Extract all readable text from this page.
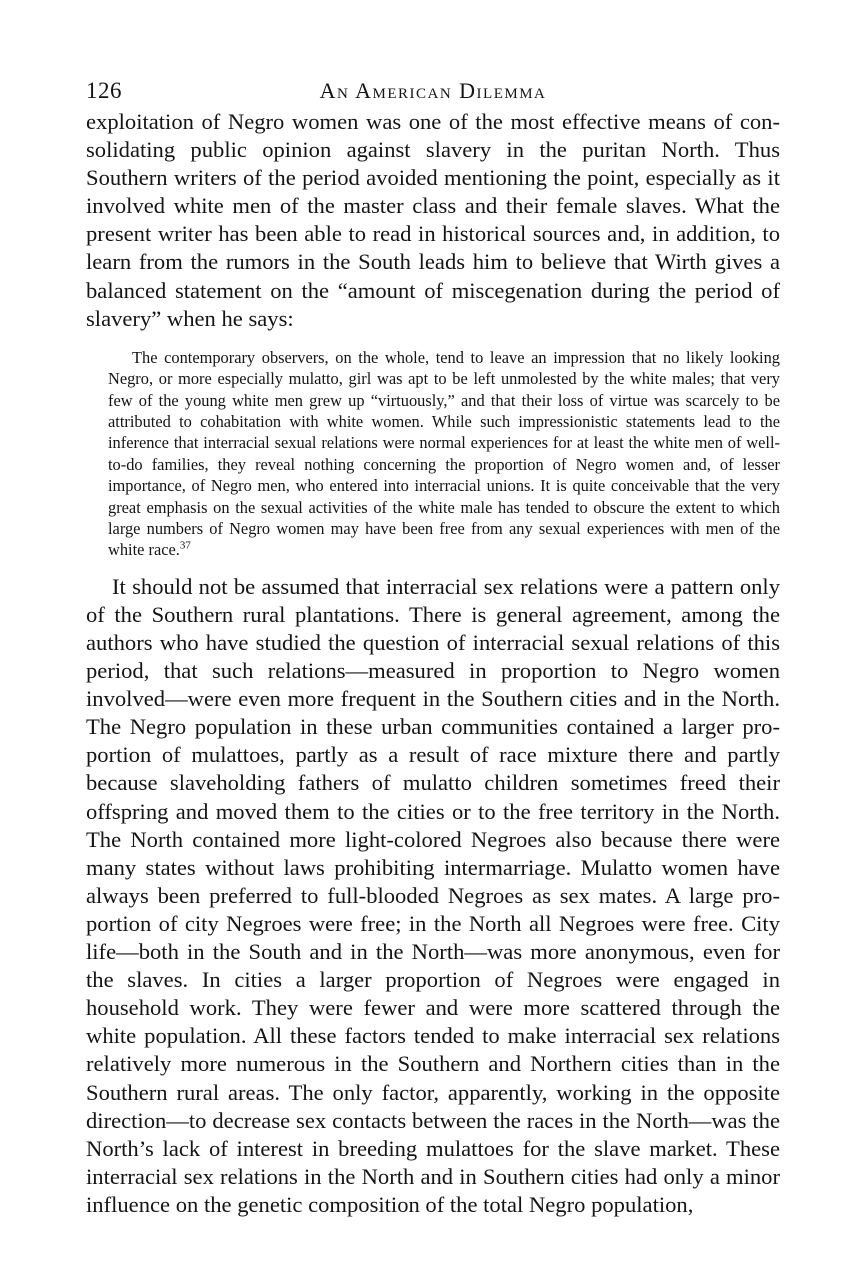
126	An American Dilemma

exploitation of Negro women was one of the most effective means of consolidating public opinion against slavery in the puritan North. Thus Southern writers of the period avoided mentioning the point, especially as it involved white men of the master class and their female slaves. What the present writer has been able to read in historical sources and, in addition, to learn from the rumors in the South leads him to believe that Wirth gives a balanced statement on the “amount of miscegenation during the period of slavery” when he says:

The contemporary observers, on the whole, tend to leave an impression that no likely looking Negro, or more especially mulatto, girl was apt to be left unmolested by the white males; that very few of the young white men grew up “virtuously,” and that their loss of virtue was scarcely to be attributed to cohabitation with white women. While such impressionistic statements lead to the inference that interracial sexual relations were normal experiences for at least the white men of well-to-do families, they reveal nothing concerning the proportion of Negro women and, of lesser importance, of Negro men, who entered into interracial unions. It is quite conceivable that the very great emphasis on the sexual activities of the white male has tended to obscure the extent to which large numbers of Negro women may have been free from any sexual experiences with men of the white race.$^{37}$

It should not be assumed that interracial sex relations were a pattern only of the Southern rural plantations. There is general agreement, among the authors who have studied the question of interracial sexual relations of this period, that such relations—measured in proportion to Negro women involved—were even more frequent in the Southern cities and in the North. The Negro population in these urban communities contained a larger proportion of mulattoes, partly as a result of race mixture there and partly because slaveholding fathers of mulatto children sometimes freed their offspring and moved them to the cities or to the free territory in the North. The North contained more light-colored Negroes also because there were many states without laws prohibiting intermarriage. Mulatto women have always been preferred to full-blooded Negroes as sex mates. A large proportion of city Negroes were free; in the North all Negroes were free. City life—both in the South and in the North—was more anonymous, even for the slaves. In cities a larger proportion of Negroes were engaged in household work. They were fewer and were more scattered through the white population. All these factors tended to make interracial sex relations relatively more numerous in the Southern and Northern cities than in the Southern rural areas. The only factor, apparently, working in the opposite direction—to decrease sex contacts between the races in the North—was the North’s lack of interest in breeding mulattoes for the slave market. These interracial sex relations in the North and in Southern cities had only a minor influence on the genetic composition of the total Negro population,
